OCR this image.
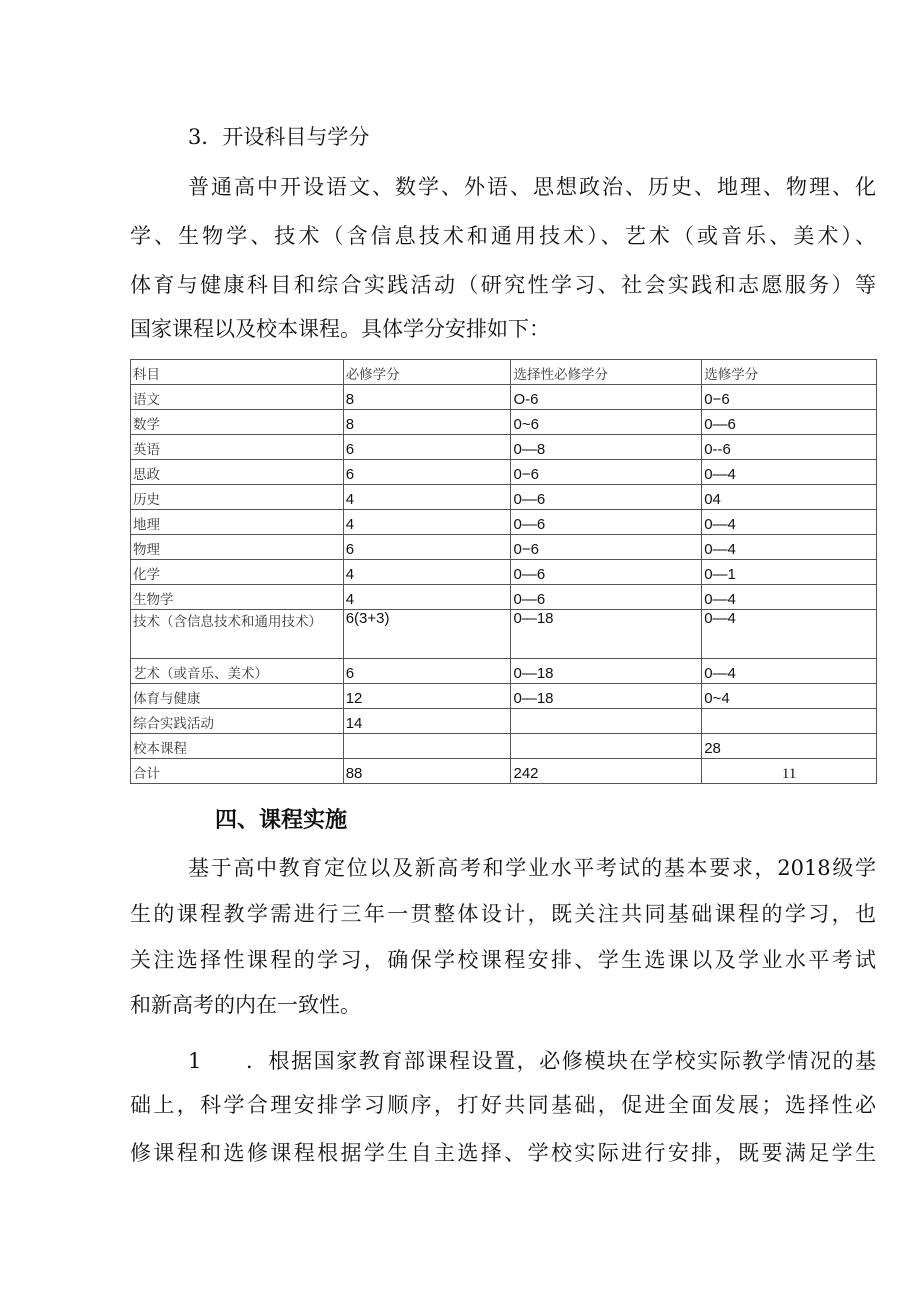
3．开设科目与学分
普通高中开设语文、数学、外语、思想政治、历史、地理、物理、化
学、生物学、技术（含信息技术和通用技术）、艺术（或音乐、美术）、
体育与健康科目和综合实践活动（研究性学习、社会实践和志愿服务）等
国家课程以及校本课程。具体学分安排如下：
科目	必修学分	选择性必修学分	选修学分
语文	8	O-6	0−6
数学	8	0~6	0—6
英语	6	0—8	0--6
思政	6	0−6	0—4
历史	4	0—6	04
地理	4	0—6	0—4
物理	6	0−6	0—4
化学	4	0—6	0—1
生物学	4	0—6	0—4
技术（含信息技术和通用技术）	6(3+3)	0—18	0—4
艺术（或音乐、美术）	6	0—18	0—4
体育与健康	12	0—18	0~4
综合实践活动	14		
校本课程			28
合计	88	242	11
四、课程实施
基于高中教育定位以及新高考和学业水平考试的基本要求，2018级学
生的课程教学需进行三年一贯整体设计，既关注共同基础课程的学习，也
关注选择性课程的学习，确保学校课程安排、学生选课以及学业水平考试
和新高考的内在一致性。
1 ．根据国家教育部课程设置，必修模块在学校实际教学情况的基
础上，科学合理安排学习顺序，打好共同基础，促进全面发展；选择性必
修课程和选修课程根据学生自主选择、学校实际进行安排，既要满足学生
